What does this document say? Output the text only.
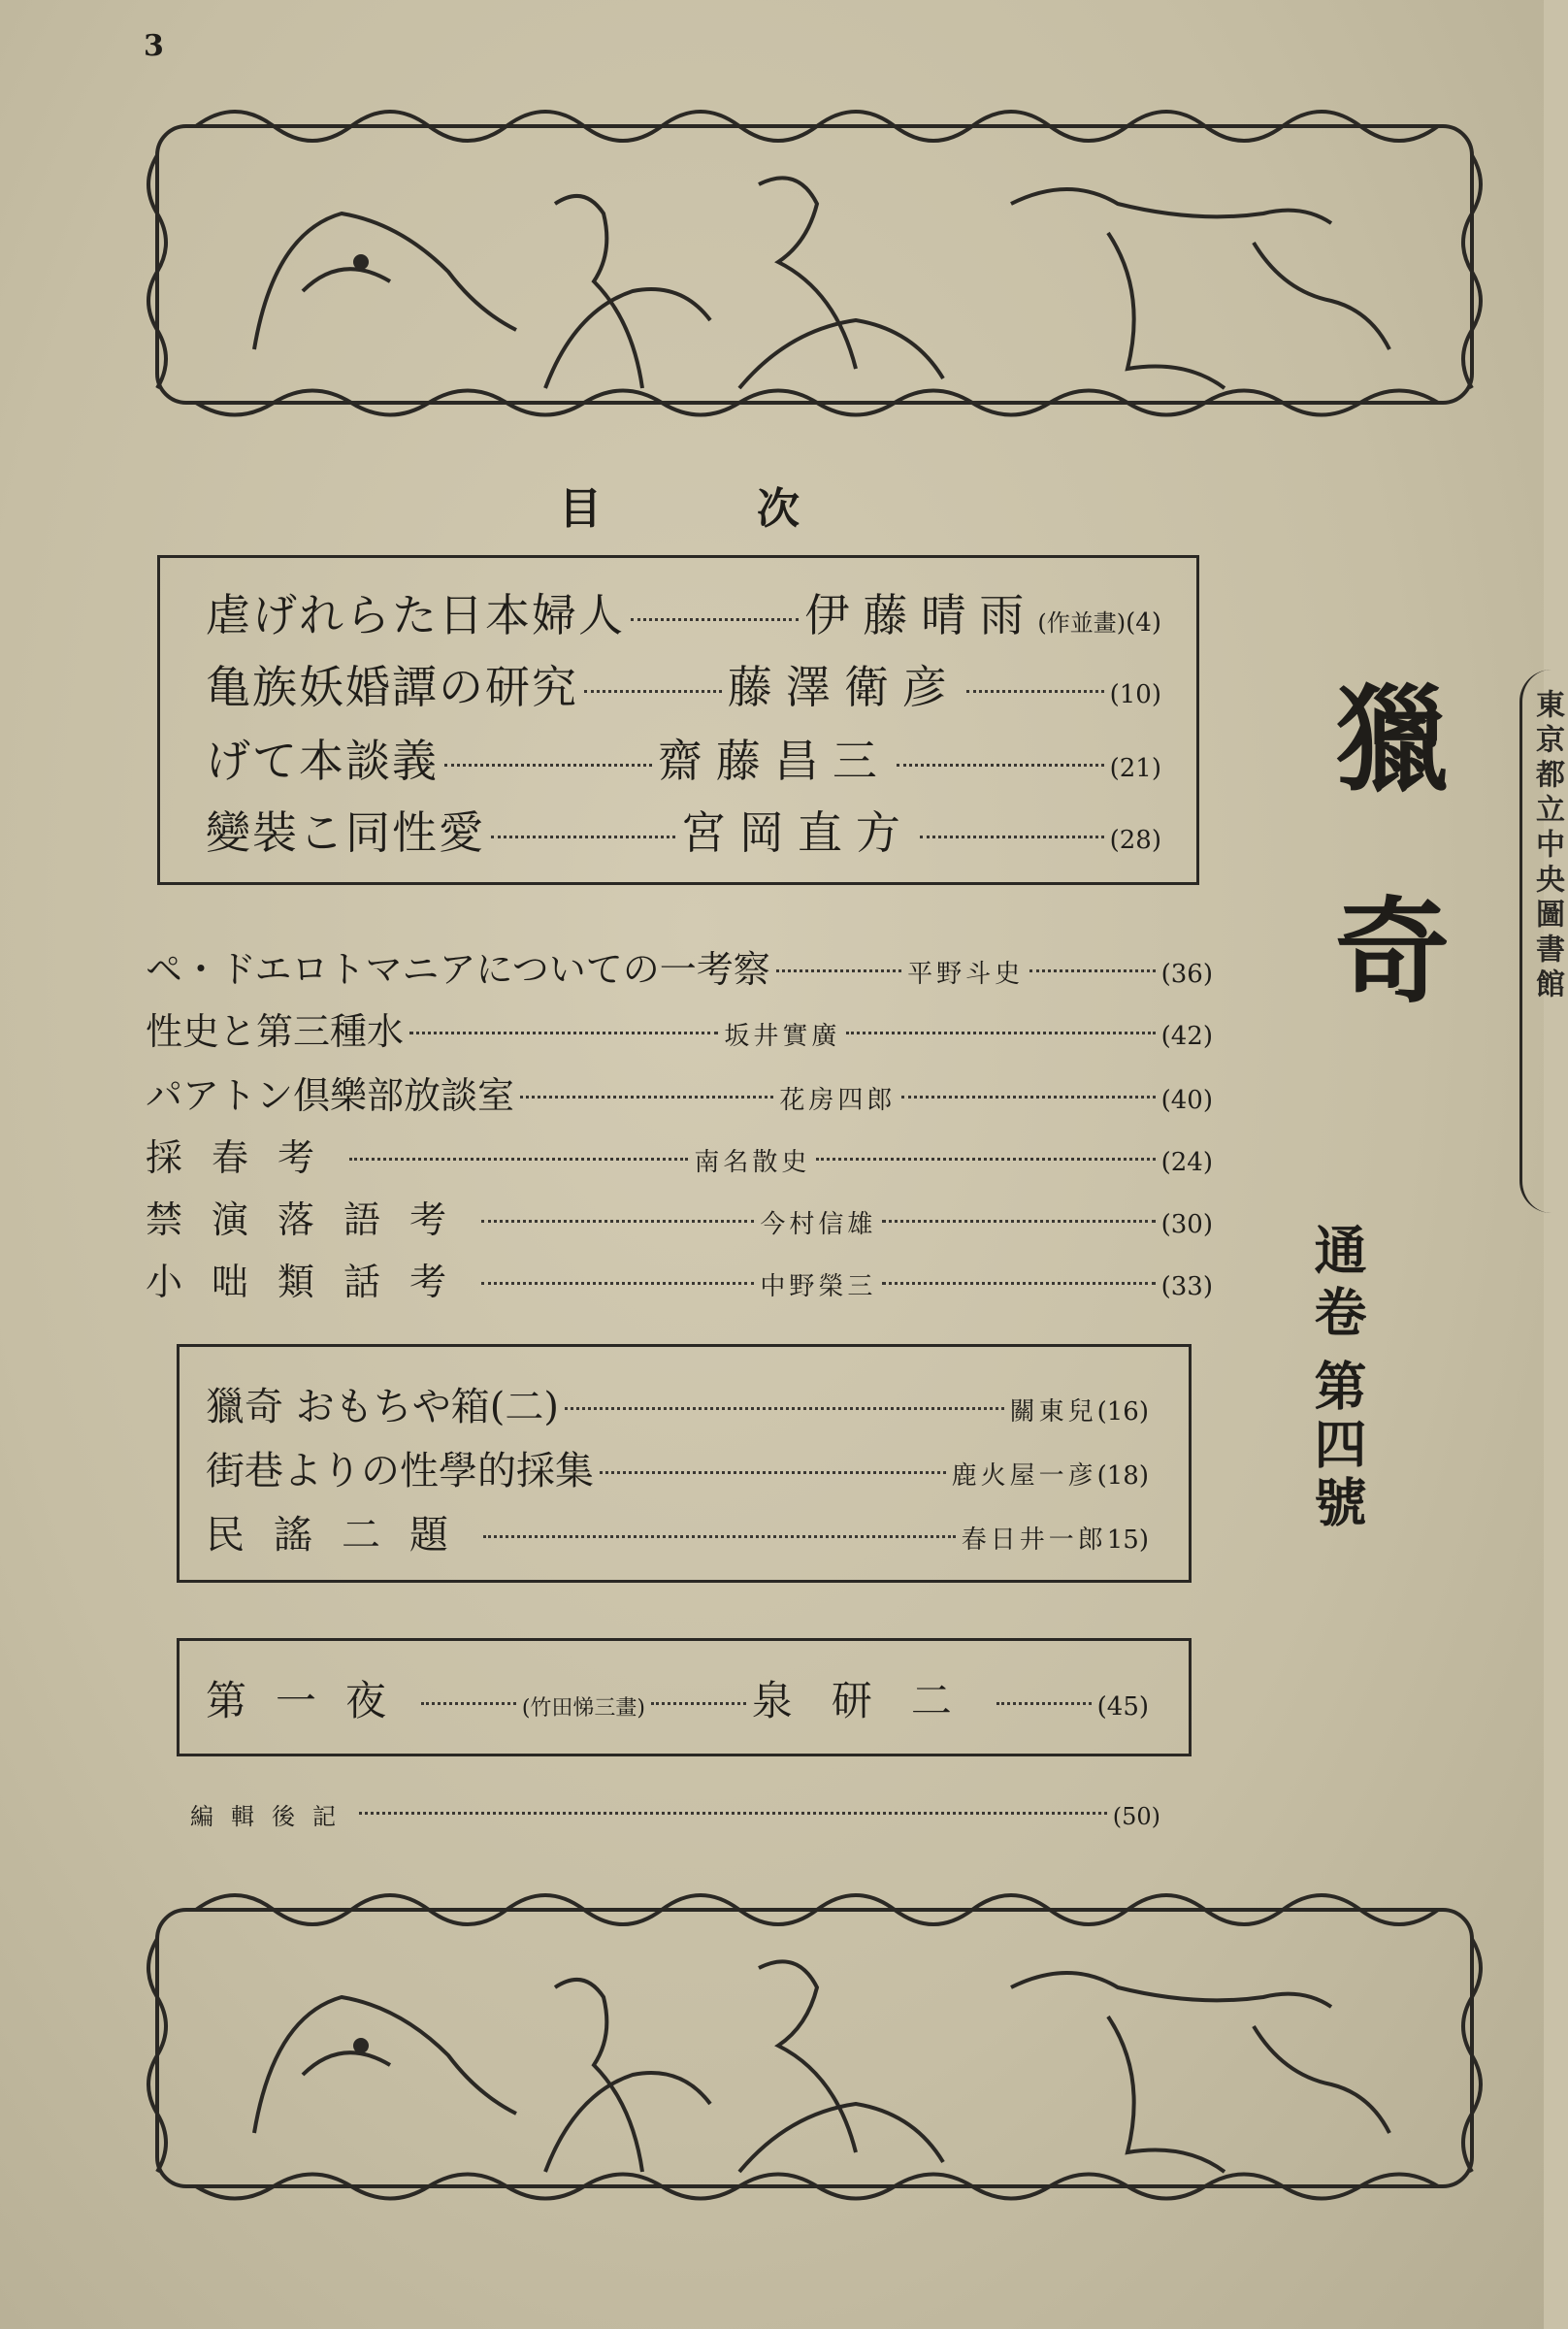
3
目次
虐げれらた日本婦人	伊藤晴雨 (作並畫) (4)
亀族妖婚譚の研究	藤澤衛彦	(10)
げて本談義	齋藤昌三	(21)
變裝こ同性愛	宮岡直方	(28)
ペ・ドエロトマニアについての一考察	平野斗史	(36)
性史と第三種水	坂井實廣	(42)
パアトン倶樂部放談室	花房四郎	(40)
採春考	南名散史	(24)
禁演落語考	今村信雄	(30)
小咄類話考	中野榮三	(33)
獵奇 おもちや箱(二)	關東兒 (16)
街巷よりの性學的採集	鹿火屋一彦 (18)
民謠二題	春日井一郎 15)
第一夜	(竹田悌三畫)	泉研二	(45)
編輯後記	(50)
獵奇
通卷
第四號
東京都立中央圖書館
